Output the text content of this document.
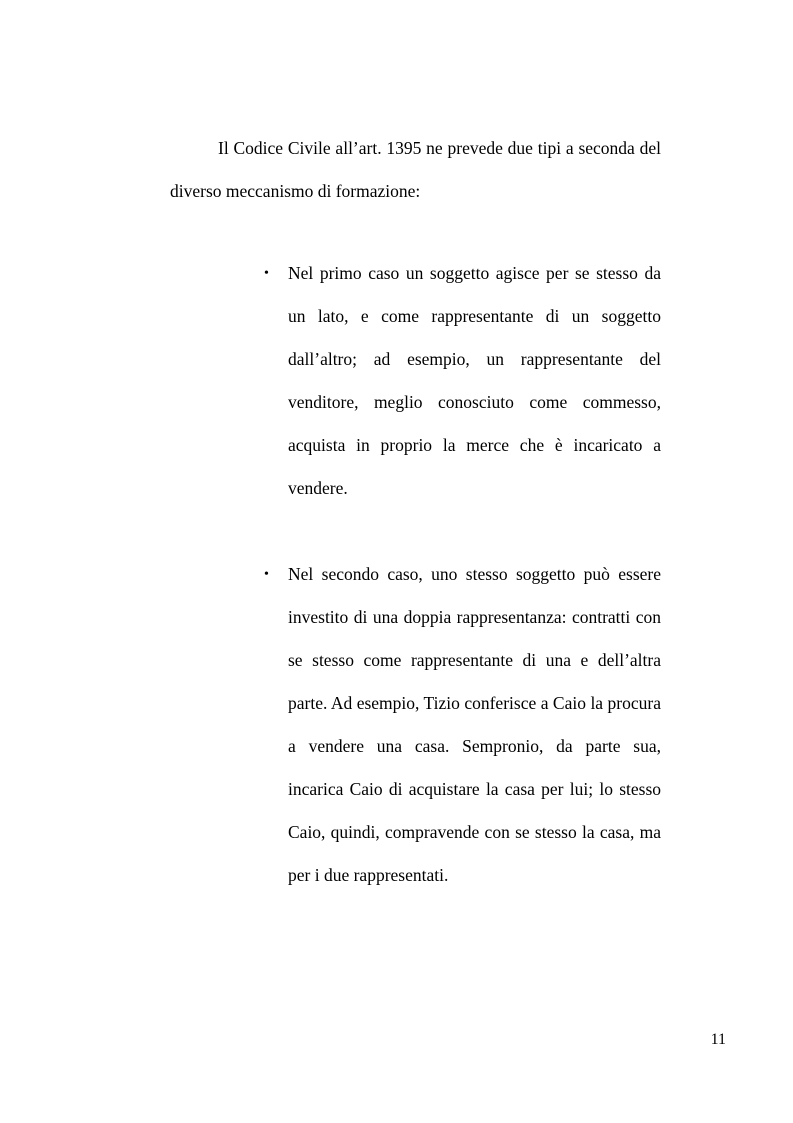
Il Codice Civile all’art. 1395 ne prevede due tipi a seconda del diverso meccanismo di formazione:

• Nel primo caso un soggetto agisce per se stesso da un lato, e come rappresentante di un soggetto dall’altro; ad esempio, un rappresentante del venditore, meglio conosciuto come commesso, acquista in proprio la merce che è incaricato a vendere.
• Nel secondo caso, uno stesso soggetto può essere investito di una doppia rappresentanza: contratti con se stesso come rappresentante di una e dell’altra parte. Ad esempio, Tizio conferisce a Caio la procura a vendere una casa. Sempronio, da parte sua, incarica Caio di acquistare la casa per lui; lo stesso Caio, quindi, compravende con se stesso la casa, ma per i due rappresentati.
11
